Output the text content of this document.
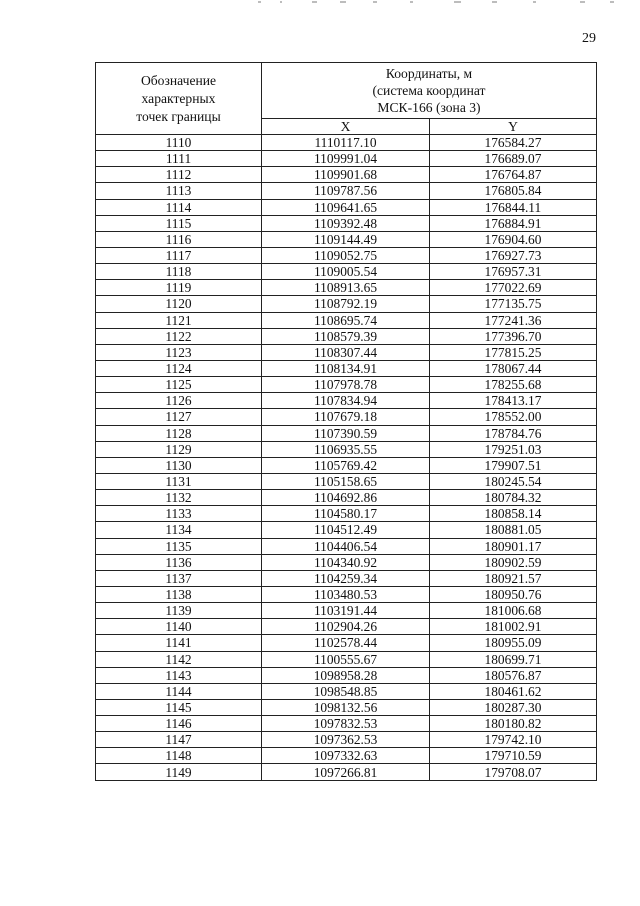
29
Обозначение
характерных
точек границы	Координаты, м
(система координат
МСК-166 (зона 3)	
	X	Y
1110	1110117.10	176584.27
1111	1109991.04	176689.07
1112	1109901.68	176764.87
1113	1109787.56	176805.84
1114	1109641.65	176844.11
1115	1109392.48	176884.91
1116	1109144.49	176904.60
1117	1109052.75	176927.73
1118	1109005.54	176957.31
1119	1108913.65	177022.69
1120	1108792.19	177135.75
1121	1108695.74	177241.36
1122	1108579.39	177396.70
1123	1108307.44	177815.25
1124	1108134.91	178067.44
1125	1107978.78	178255.68
1126	1107834.94	178413.17
1127	1107679.18	178552.00
1128	1107390.59	178784.76
1129	1106935.55	179251.03
1130	1105769.42	179907.51
1131	1105158.65	180245.54
1132	1104692.86	180784.32
1133	1104580.17	180858.14
1134	1104512.49	180881.05
1135	1104406.54	180901.17
1136	1104340.92	180902.59
1137	1104259.34	180921.57
1138	1103480.53	180950.76
1139	1103191.44	181006.68
1140	1102904.26	181002.91
1141	1102578.44	180955.09
1142	1100555.67	180699.71
1143	1098958.28	180576.87
1144	1098548.85	180461.62
1145	1098132.56	180287.30
1146	1097832.53	180180.82
1147	1097362.53	179742.10
1148	1097332.63	179710.59
1149	1097266.81	179708.07
